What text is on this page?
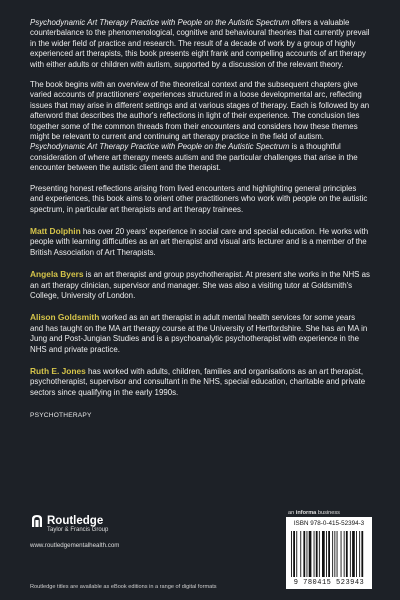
Psychodynamic Art Therapy Practice with People on the Autistic Spectrum offers a valuable counterbalance to the phenomenological, cognitive and behavioural theories that currently prevail in the wider field of practice and research. The result of a decade of work by a group of highly experienced art therapists, this book presents eight frank and compelling accounts of art therapy with either adults or children with autism, supported by a discussion of the relevant theory.

The book begins with an overview of the theoretical context and the subsequent chapters give varied accounts of practitioners' experiences structured in a loose developmental arc, reflecting issues that may arise in different settings and at various stages of therapy. Each is followed by an afterword that describes the author's reflections in light of their experience. The conclusion ties together some of the common threads from their encounters and considers how these themes might be relevant to current and continuing art therapy practice in the field of autism. Psychodynamic Art Therapy Practice with People on the Autistic Spectrum is a thoughtful consideration of where art therapy meets autism and the particular challenges that arise in the encounter between the autistic client and the therapist.

Presenting honest reflections arising from lived encounters and highlighting general principles and experiences, this book aims to orient other practitioners who work with people on the autistic spectrum, in particular art therapists and art therapy trainees.

Matt Dolphin has over 20 years' experience in social care and special education. He works with people with learning difficulties as an art therapist and visual arts lecturer and is a member of the British Association of Art Therapists.

Angela Byers is an art therapist and group psychotherapist. At present she works in the NHS as an art therapy clinician, supervisor and manager. She was also a visiting tutor at Goldsmith's College, University of London.

Alison Goldsmith worked as an art therapist in adult mental health services for some years and has taught on the MA art therapy course at the University of Hertfordshire. She has an MA in Jung and Post-Jungian Studies and is a psychoanalytic psychotherapist with experience in the NHS and private practice.

Ruth E. Jones has worked with adults, children, families and organisations as an art therapist, psychotherapist, supervisor and consultant in the NHS, special education, charitable and private sectors since qualifying in the early 1990s.

PSYCHOTHERAPY

Routledge
Taylor & Francis Group
www.routledgementalhealth.com
Routledge titles are available as eBook editions in a range of digital formats
an informa business
ISBN 978-0-415-52394-3
9 780415 523943
